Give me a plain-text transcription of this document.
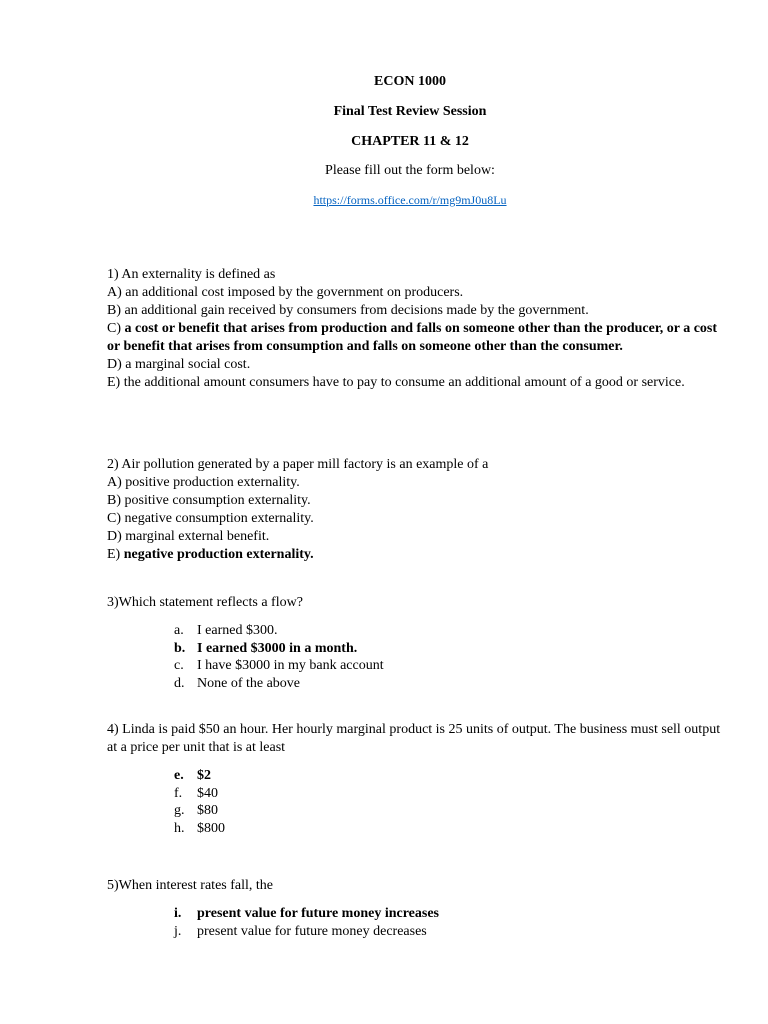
ECON 1000
Final Test Review Session
CHAPTER 11 & 12
Please fill out the form below:
https://forms.office.com/r/mg9mJ0u8Lu
1) An externality is defined as
A) an additional cost imposed by the government on producers.
B) an additional gain received by consumers from decisions made by the government.
C) a cost or benefit that arises from production and falls on someone other than the producer, or a cost or benefit that arises from consumption and falls on someone other than the consumer.
D) a marginal social cost.
E) the additional amount consumers have to pay to consume an additional amount of a good or service.
2) Air pollution generated by a paper mill factory is an example of a
A) positive production externality.
B) positive consumption externality.
C) negative consumption externality.
D) marginal external benefit.
E) negative production externality.
3)Which statement reflects a flow?
a. I earned $300.
b. I earned $3000 in a month.
c. I have $3000 in my bank account
d. None of the above
4) Linda is paid $50 an hour. Her hourly marginal product is 25 units of output. The business must sell output at a price per unit that is at least
e. $2
f. $40
g. $80
h. $800
5)When interest rates fall, the
i. present value for future money increases
j. present value for future money decreases
